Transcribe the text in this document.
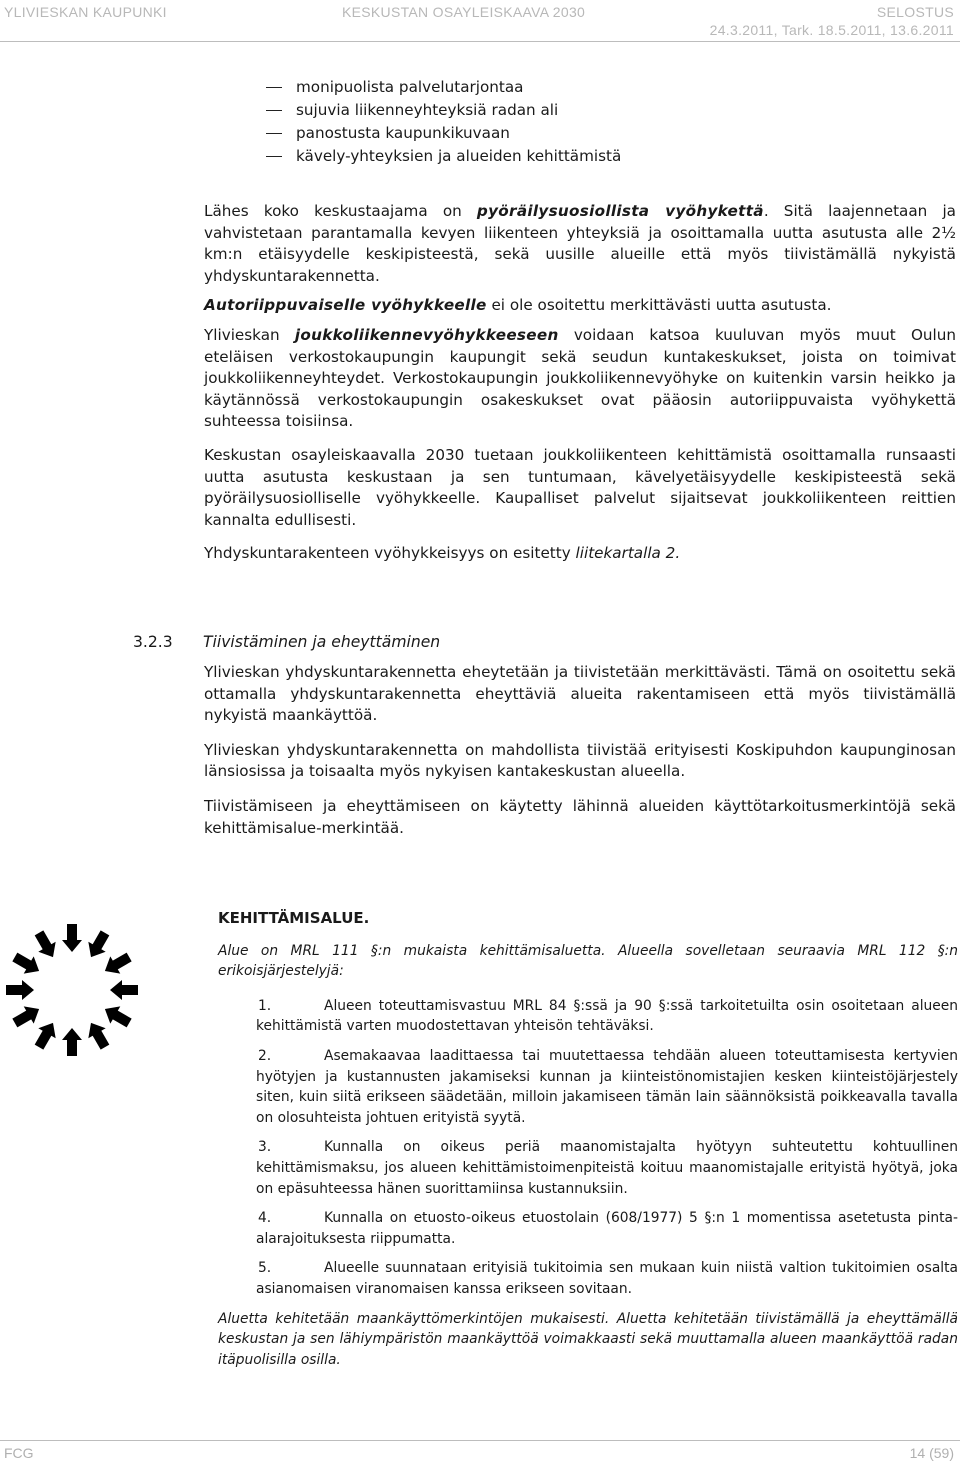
YLIVIESKAN KAUPUNKI	KESKUSTAN OSAYLEISKAAVA 2030	SELOSTUS
24.3.2011, Tark. 18.5.2011, 13.6.2011
monipuolista palvelutarjontaa
sujuvia liikenneyhteyksiä radan ali
panostusta kaupunkikuvaan
kävely-yhteyksien ja alueiden kehittämistä

Lähes koko keskustaajama on pyöräilysuosiollista vyöhykettä. Sitä laajennetaan ja vahvistetaan parantamalla kevyen liikenteen yhteyksiä ja osoittamalla uutta asutusta alle 2½ km:n etäisyydelle keskipisteestä, sekä uusille alueille että myös tiivistämällä nykyistä yhdyskuntarakennetta.

Autoriippuvaiselle vyöhykkeelle ei ole osoitettu merkittävästi uutta asutusta.

Ylivieskan joukkoliikennevyöhykkeeseen voidaan katsoa kuuluvan myös muut Oulun eteläisen verkostokaupungin kaupungit sekä seudun kuntakeskukset, joista on toimivat joukkoliikenneyhteydet. Verkostokaupungin joukkoliikennevyöhyke on kuitenkin varsin heikko ja käytännössä verkostokaupungin osakeskukset ovat pääosin autoriippuvaista vyöhykettä suhteessa toisiinsa.

Keskustan osayleiskaavalla 2030 tuetaan joukkoliikenteen kehittämistä osoittamalla runsaasti uutta asutusta keskustaan ja sen tuntumaan, kävelyetäisyydelle keskipisteestä sekä pyöräilysuosiolliselle vyöhykkeelle. Kaupalliset palvelut sijaitsevat joukkoliikenteen reittien kannalta edullisesti.

Yhdyskuntarakenteen vyöhykkeisyys on esitetty liitekartalla 2.

3.2.3 Tiivistäminen ja eheyttäminen

Ylivieskan yhdyskuntarakennetta eheytetään ja tiivistetään merkittävästi. Tämä on osoitettu sekä ottamalla yhdyskuntarakennetta eheyttäviä alueita rakentamiseen että myös tiivistämällä nykyistä maankäyttöä.

Ylivieskan yhdyskuntarakennetta on mahdollista tiivistää erityisesti Koskipuhdon kaupunginosan länsiosissa ja toisaalta myös nykyisen kantakeskustan alueella.

Tiivistämiseen ja eheyttämiseen on käytetty lähinnä alueiden käyttötarkoitusmerkintöjä sekä kehittämisalue-merkintää.

KEHITTÄMISALUE.

Alue on MRL 111 §:n mukaista kehittämisaluetta. Alueella sovelletaan seuraavia MRL 112 §:n erikoisjärjestelyjä:

1.	Alueen toteuttamisvastuu MRL 84 §:ssä ja 90 §:ssä tarkoitetuilta osin osoitetaan alueen kehittämistä varten muodostettavan yhteisön tehtäväksi.
2.	Asemakaavaa laadittaessa tai muutettaessa tehdään alueen toteuttamisesta kertyvien hyötyjen ja kustannusten jakamiseksi kunnan ja kiinteistönomistajien kesken kiinteistöjärjestely siten, kuin siitä erikseen säädetään, milloin jakamiseen tämän lain säännöksistä poikkeavalla tavalla on olosuhteista johtuen erityistä syytä.
3.	Kunnalla on oikeus periä maanomistajalta hyötyyn suhteutettu kohtuullinen kehittämismaksu, jos alueen kehittämistoimenpiteistä koituu maanomistajalle erityistä hyötyä, joka on epäsuhteessa hänen suorittamiinsa kustannuksiin.
4.	Kunnalla on etuosto-oikeus etuostolain (608/1977) 5 §:n 1 momentissa asetetusta pinta-alarajoituksesta riippumatta.
5.	Alueelle suunnataan erityisiä tukitoimia sen mukaan kuin niistä valtion tukitoimien osalta asianomaisen viranomaisen kanssa erikseen sovitaan.

Aluetta kehitetään maankäyttömerkintöjen mukaisesti. Aluetta kehitetään tiivistämällä ja eheyttämällä keskustan ja sen lähiympäristön maankäyttöä voimakkaasti sekä muuttamalla alueen maankäyttöä radan itäpuolisilla osilla.

FCG	14 (59)
